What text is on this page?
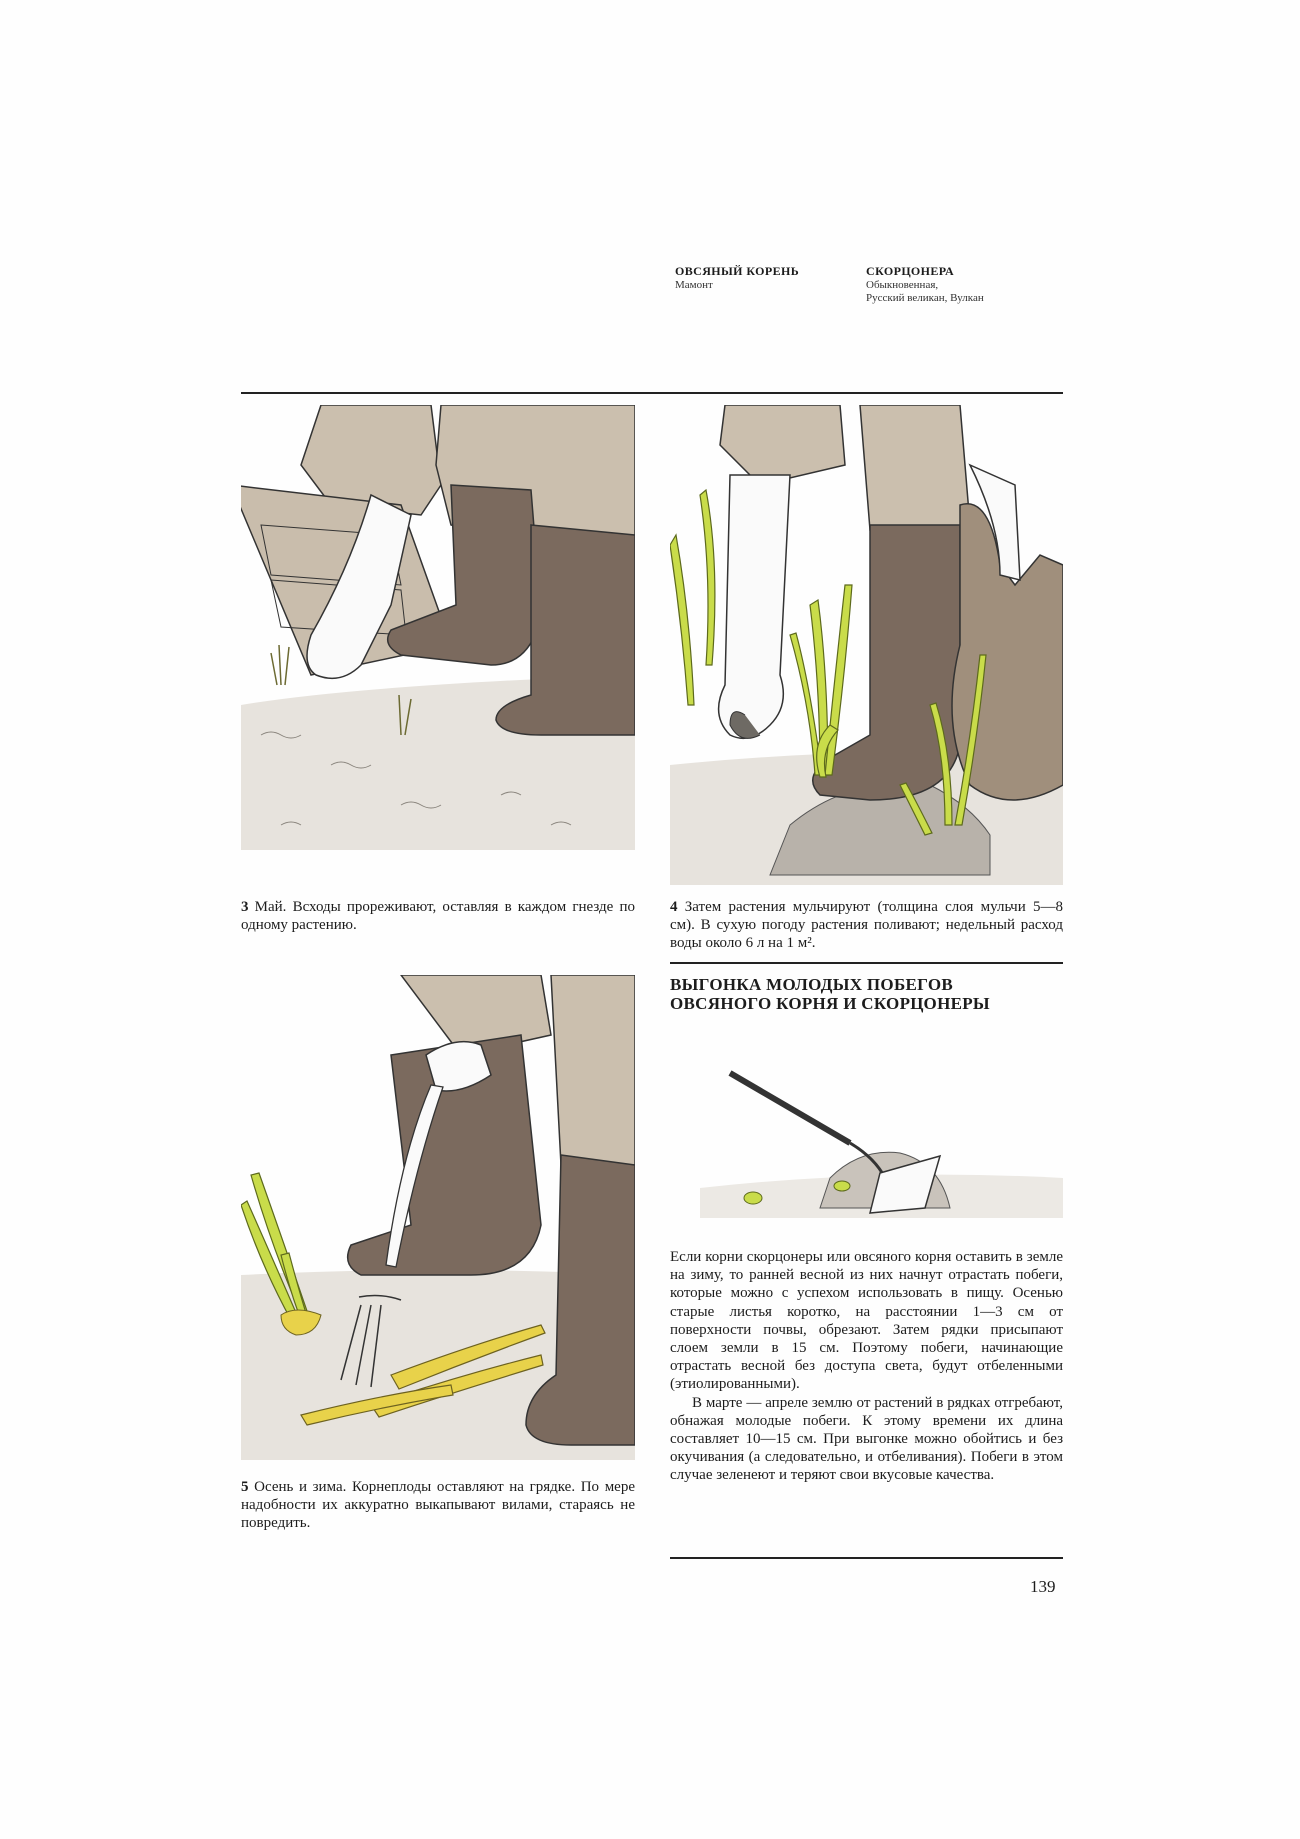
ОВСЯНЫЙ КОРЕНЬ
Мамонт
СКОРЦОНЕРА
Обыкновенная,
Русский великан, Вулкан
3 Май. Всходы прореживают, оставляя в каждом гнезде по одному растению.
4 Затем растения мульчируют (толщина слоя мульчи 5—8 см). В сухую погоду растения поливают; недельный расход воды около 6 л на 1 м².
ВЫГОНКА МОЛОДЫХ ПОБЕГОВ
ОВСЯНОГО КОРНЯ И СКОРЦОНЕРЫ

Если корни скорцонеры или овсяного корня оставить в земле на зиму, то ранней весной из них начнут отрастать побеги, которые можно с успехом использовать в пищу. Осенью старые листья коротко, на расстоянии 1—3 см от поверхности почвы, обрезают. Затем рядки присыпают слоем земли в 15 см. Поэтому побеги, начинающие отрастать весной без доступа света, будут отбеленными (этиолированными).

В марте — апреле землю от растений в рядках отгребают, обнажая молодые побеги. К этому времени их длина составляет 10—15 см. При выгонке можно обойтись и без окучивания (а следовательно, и отбеливания). Побеги в этом случае зеленеют и теряют свои вкусовые качества.

5 Осень и зима. Корнеплоды оставляют на грядке. По мере надобности их аккуратно выкапывают вилами, стараясь не повредить.
139
